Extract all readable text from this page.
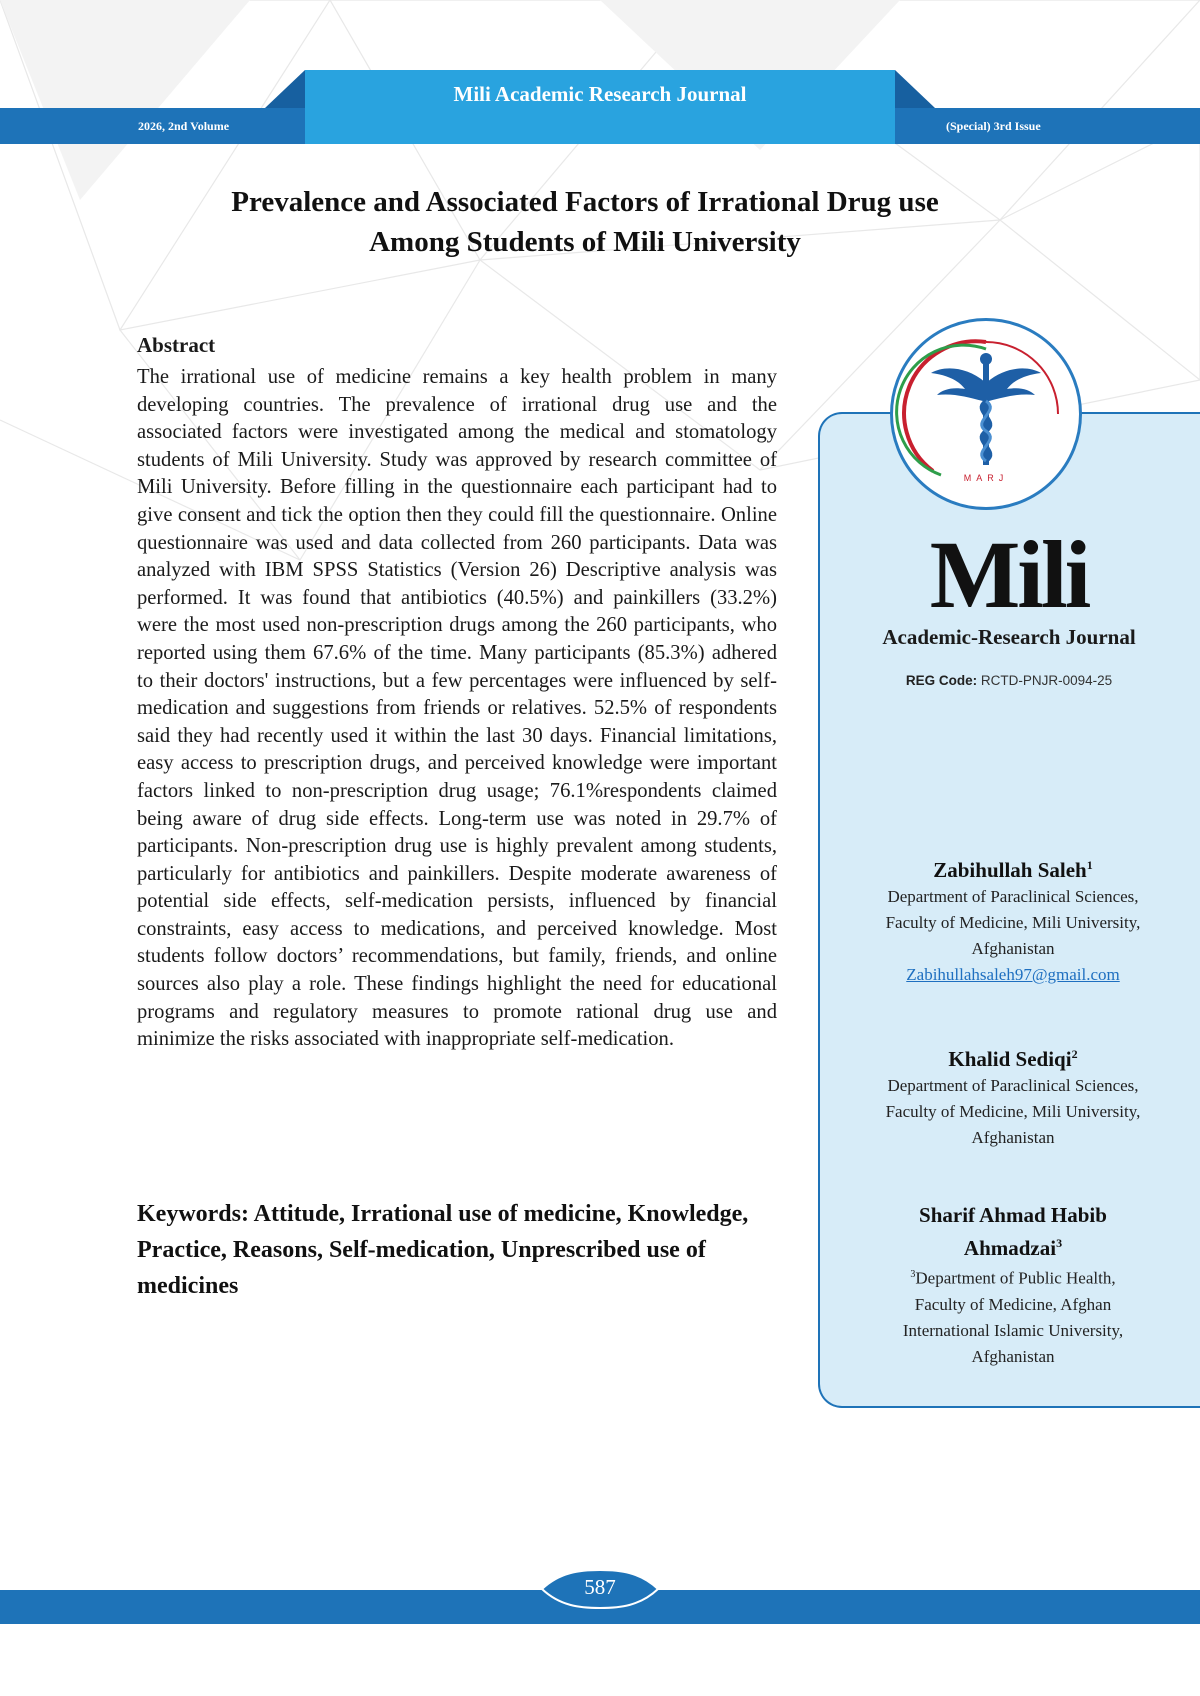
Mili Academic Research Journal
2026, 2nd Volume	(Special) 3rd Issue
Prevalence and Associated Factors of Irrational Drug use
Among Students of Mili University
Abstract
The irrational use of medicine remains a key health problem in many developing countries. The prevalence of irrational drug use and the associated factors were investigated among the medical and stomatology students of Mili University. Study was approved by research committee of Mili University. Before filling in the questionnaire each participant had to give consent and tick the option then they could fill the questionnaire. Online questionnaire was used and data collected from 260 participants. Data was analyzed with IBM SPSS Statistics (Version 26) Descriptive analysis was performed. It was found that antibiotics (40.5%) and painkillers (33.2%) were the most used non-prescription drugs among the 260 participants, who reported using them 67.6% of the time. Many participants (85.3%) adhered to their doctors' instructions, but a few percentages were influenced by self-medication and suggestions from friends or relatives. 52.5% of respondents said they had recently used it within the last 30 days. Financial limitations, easy access to prescription drugs, and perceived knowledge were important factors linked to non-prescription drug usage; 76.1%respondents claimed being aware of drug side effects. Long-term use was noted in 29.7% of participants. Non-prescription drug use is highly prevalent among students, particularly for antibiotics and painkillers. Despite moderate awareness of potential side effects, self-medication persists, influenced by financial constraints, easy access to medications, and perceived knowledge. Most students follow doctors’ recommendations, but family, friends, and online sources also play a role. These findings highlight the need for educational programs and regulatory measures to promote rational drug use and minimize the risks associated with inappropriate self-medication.
Keywords: Attitude, Irrational use of medicine, Knowledge, Practice, Reasons, Self-medication, Unprescribed use of medicines
MARJ
Mili
Academic-Research Journal
REG Code: RCTD-PNJR-0094-25
Zabihullah Saleh$^1$
Department of Paraclinical Sciences,
Faculty of Medicine, Mili University,
Afghanistan
Zabihullahsaleh97@gmail.com
Khalid Sediqi$^2$
Department of Paraclinical Sciences,
Faculty of Medicine, Mili University,
Afghanistan
Sharif Ahmad Habib
Ahmadzai$^3$
$^3$Department of Public Health,
Faculty of Medicine, Afghan
International Islamic University,
Afghanistan
587
